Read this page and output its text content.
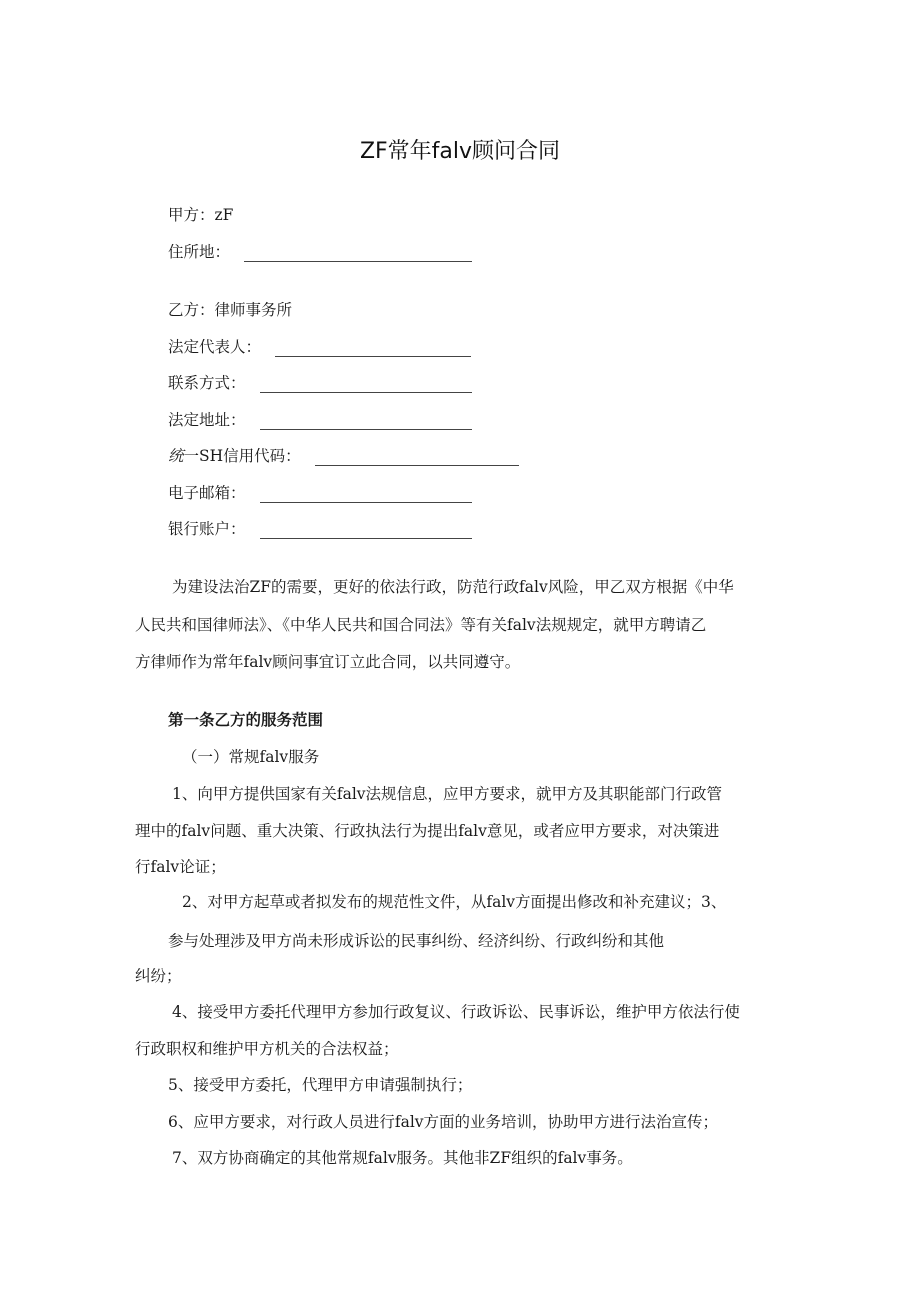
ZF常年falv顾问合同
甲方：zF
住所地：
乙方：律师事务所
法定代表人：
联系方式：
法定地址：
统一SH信用代码：
电子邮箱：
银行账户：
为建设法治ZF的需要，更好的依法行政，防范行政falv风险，甲乙双方根据《中华
人民共和国律师法》、《中华人民共和国合同法》等有关falv法规规定，就甲方聘请乙
方律师作为常年falv顾问事宜订立此合同，以共同遵守。
第一条乙方的服务范围
（一）常规falv服务
1、向甲方提供国家有关falv法规信息，应甲方要求，就甲方及其职能部门行政管
理中的falv问题、重大决策、行政执法行为提出falv意见，或者应甲方要求，对决策进
行falv论证；
2、对甲方起草或者拟发布的规范性文件，从falv方面提出修改和补充建议；3、
参与处理涉及甲方尚未形成诉讼的民事纠纷、经济纠纷、行政纠纷和其他
纠纷；
4、接受甲方委托代理甲方参加行政复议、行政诉讼、民事诉讼，维护甲方依法行使
行政职权和维护甲方机关的合法权益；
5、接受甲方委托，代理甲方申请强制执行；
6、应甲方要求，对行政人员进行falv方面的业务培训，协助甲方进行法治宣传；
7、双方协商确定的其他常规falv服务。其他非ZF组织的falv事务。
